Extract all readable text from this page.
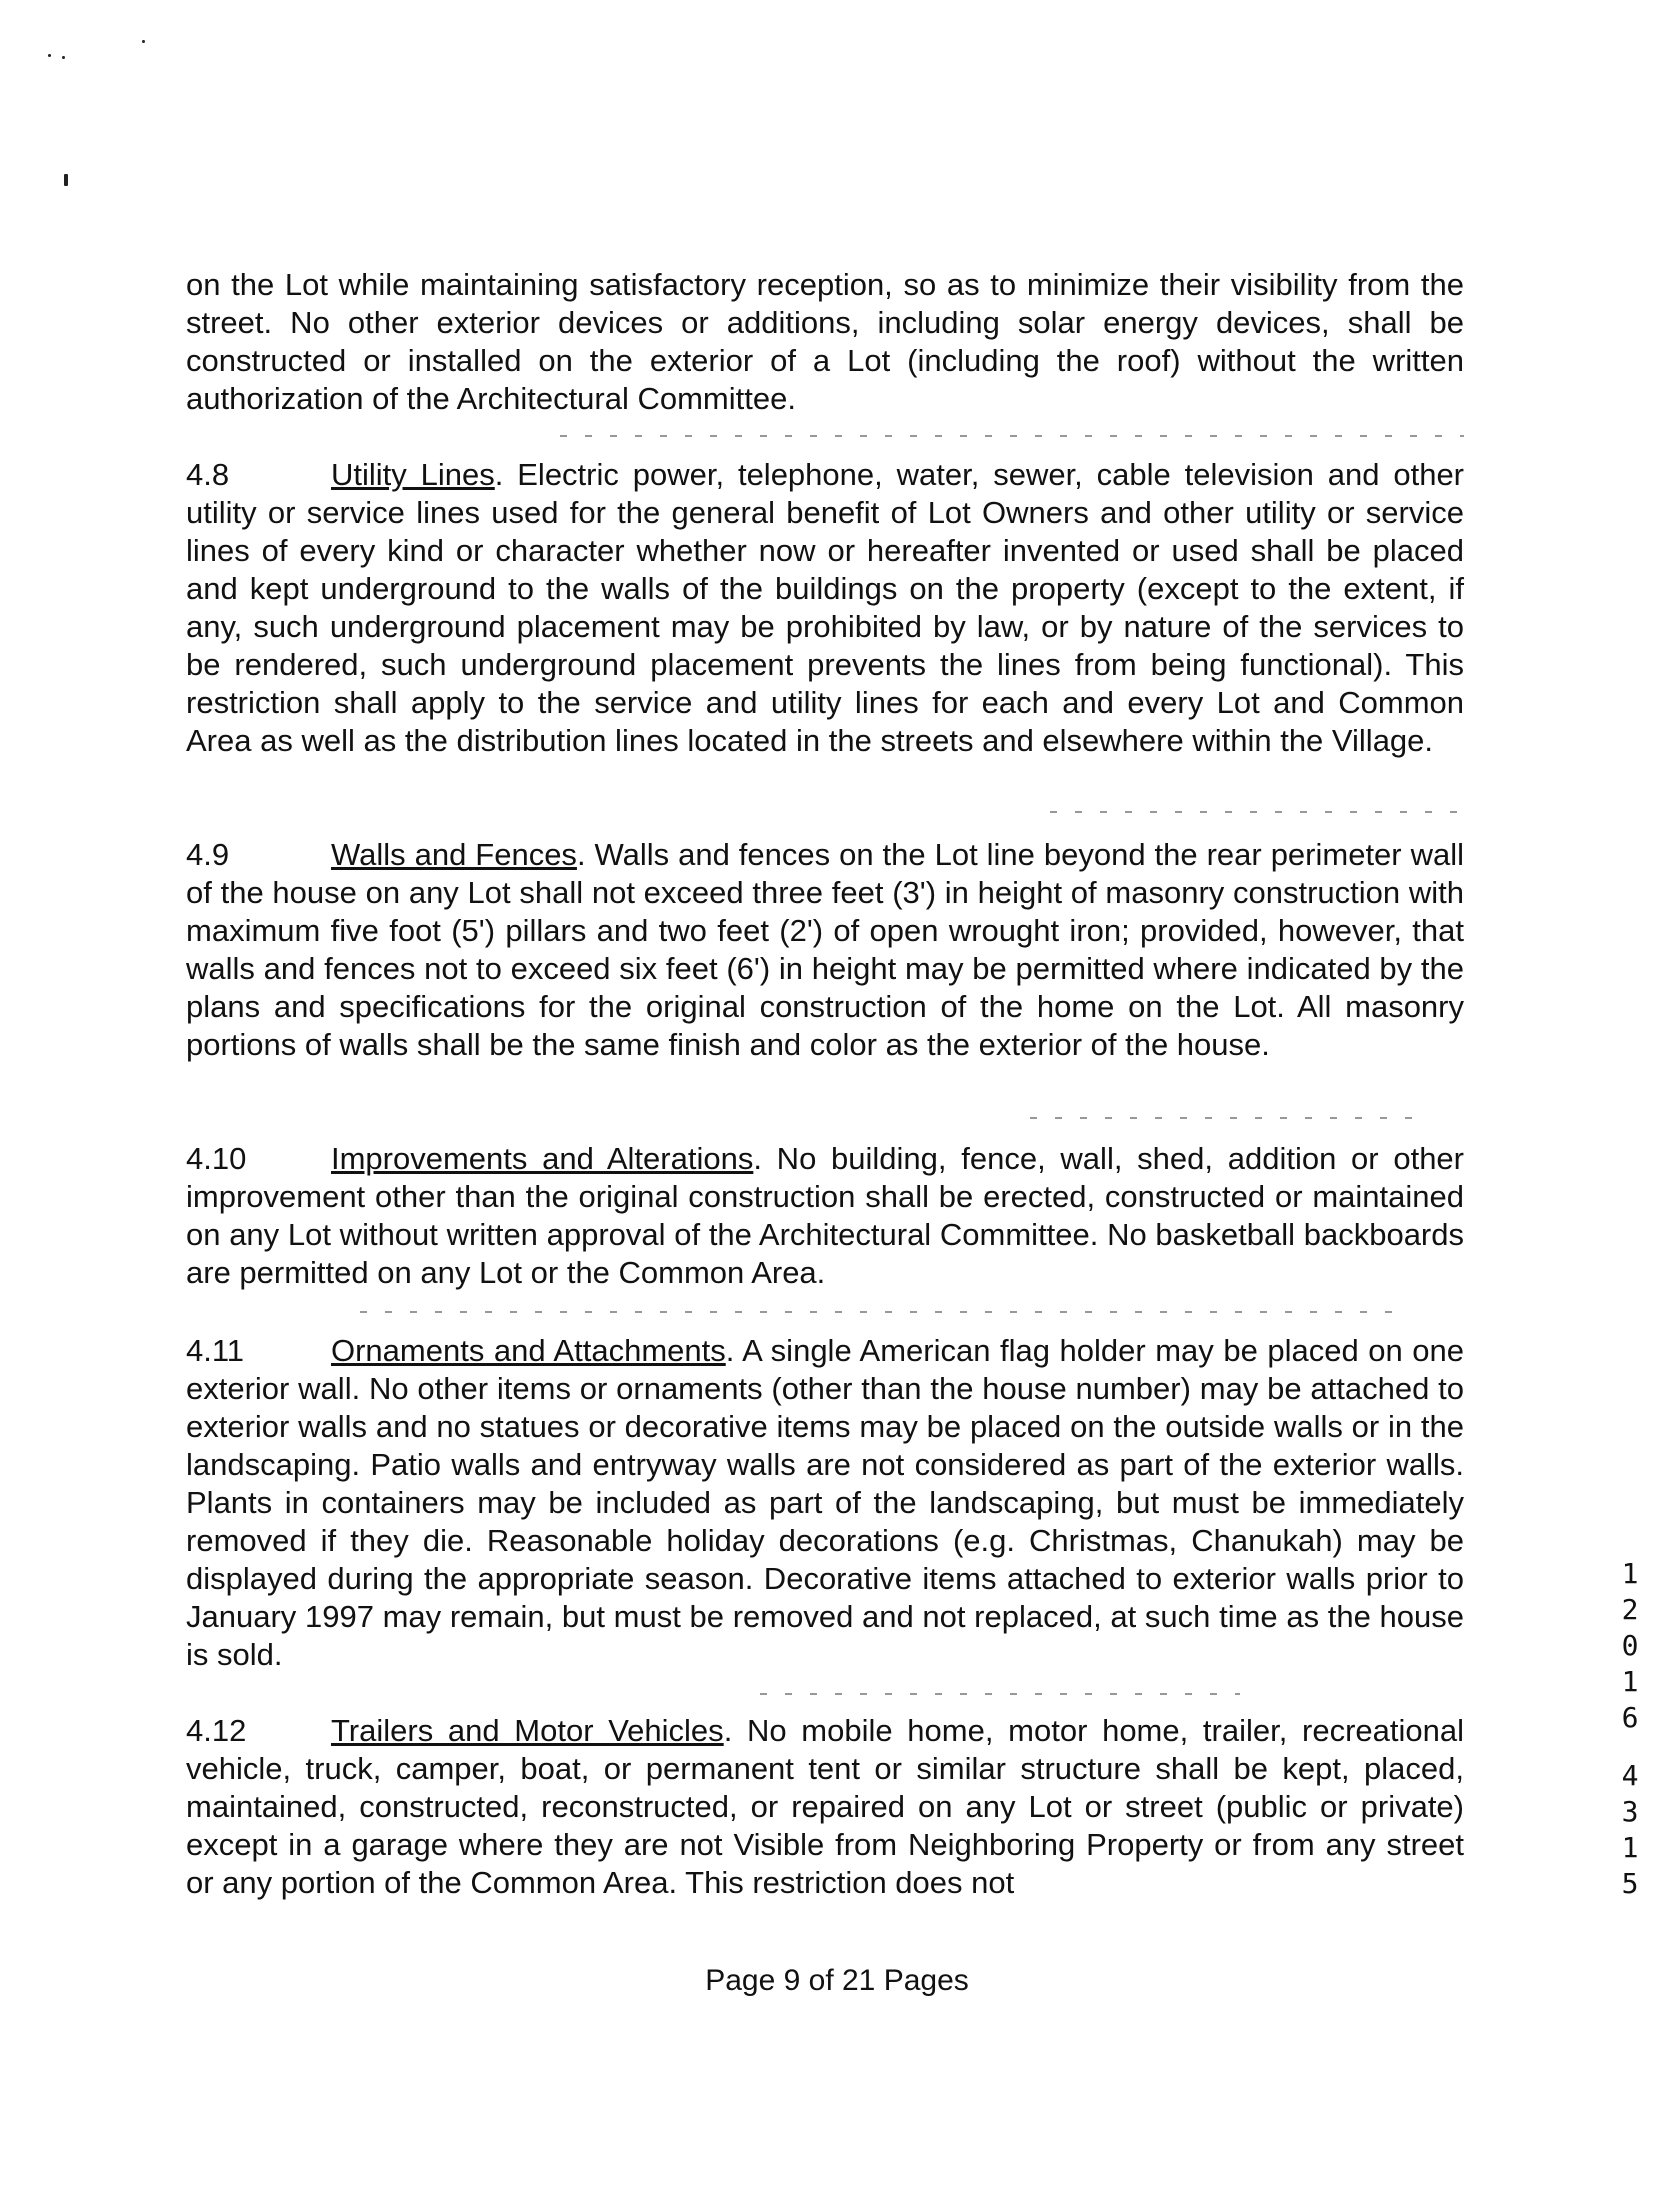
on the Lot while maintaining satisfactory reception, so as to minimize their visibility from the street. No other exterior devices or additions, including solar energy devices, shall be constructed or installed on the exterior of a Lot (including the roof) without the written authorization of the Architectural Committee.

4.8	Utility Lines. Electric power, telephone, water, sewer, cable television and other utility or service lines used for the general benefit of Lot Owners and other utility or service lines of every kind or character whether now or hereafter invented or used shall be placed and kept underground to the walls of the buildings on the property (except to the extent, if any, such underground placement may be prohibited by law, or by nature of the services to be rendered, such underground placement prevents the lines from being functional). This restriction shall apply to the service and utility lines for each and every Lot and Common Area as well as the distribution lines located in the streets and elsewhere within the Village.

4.9	Walls and Fences. Walls and fences on the Lot line beyond the rear perimeter wall of the house on any Lot shall not exceed three feet (3') in height of masonry construction with maximum five foot (5') pillars and two feet (2') of open wrought iron; provided, however, that walls and fences not to exceed six feet (6') in height may be permitted where indicated by the plans and specifications for the original construction of the home on the Lot. All masonry portions of walls shall be the same finish and color as the exterior of the house.

4.10	Improvements and Alterations. No building, fence, wall, shed, addition or other improvement other than the original construction shall be erected, constructed or maintained on any Lot without written approval of the Architectural Committee. No basketball backboards are permitted on any Lot or the Common Area.

4.11	Ornaments and Attachments. A single American flag holder may be placed on one exterior wall. No other items or ornaments (other than the house number) may be attached to exterior walls and no statues or decorative items may be placed on the outside walls or in the landscaping. Patio walls and entryway walls are not considered as part of the exterior walls. Plants in containers may be included as part of the landscaping, but must be immediately removed if they die. Reasonable holiday decorations (e.g. Christmas, Chanukah) may be displayed during the appropriate season. Decorative items attached to exterior walls prior to January 1997 may remain, but must be removed and not replaced, at such time as the house is sold.

4.12	Trailers and Motor Vehicles. No mobile home, motor home, trailer, recreational vehicle, truck, camper, boat, or permanent tent or similar structure shall be kept, placed, maintained, constructed, reconstructed, or repaired on any Lot or street (public or private) except in a garage where they are not Visible from Neighboring Property or from any street or any portion of the Common Area. This restriction does not

Page 9 of 21 Pages
1
2
0
1
6
4
3
1
5
